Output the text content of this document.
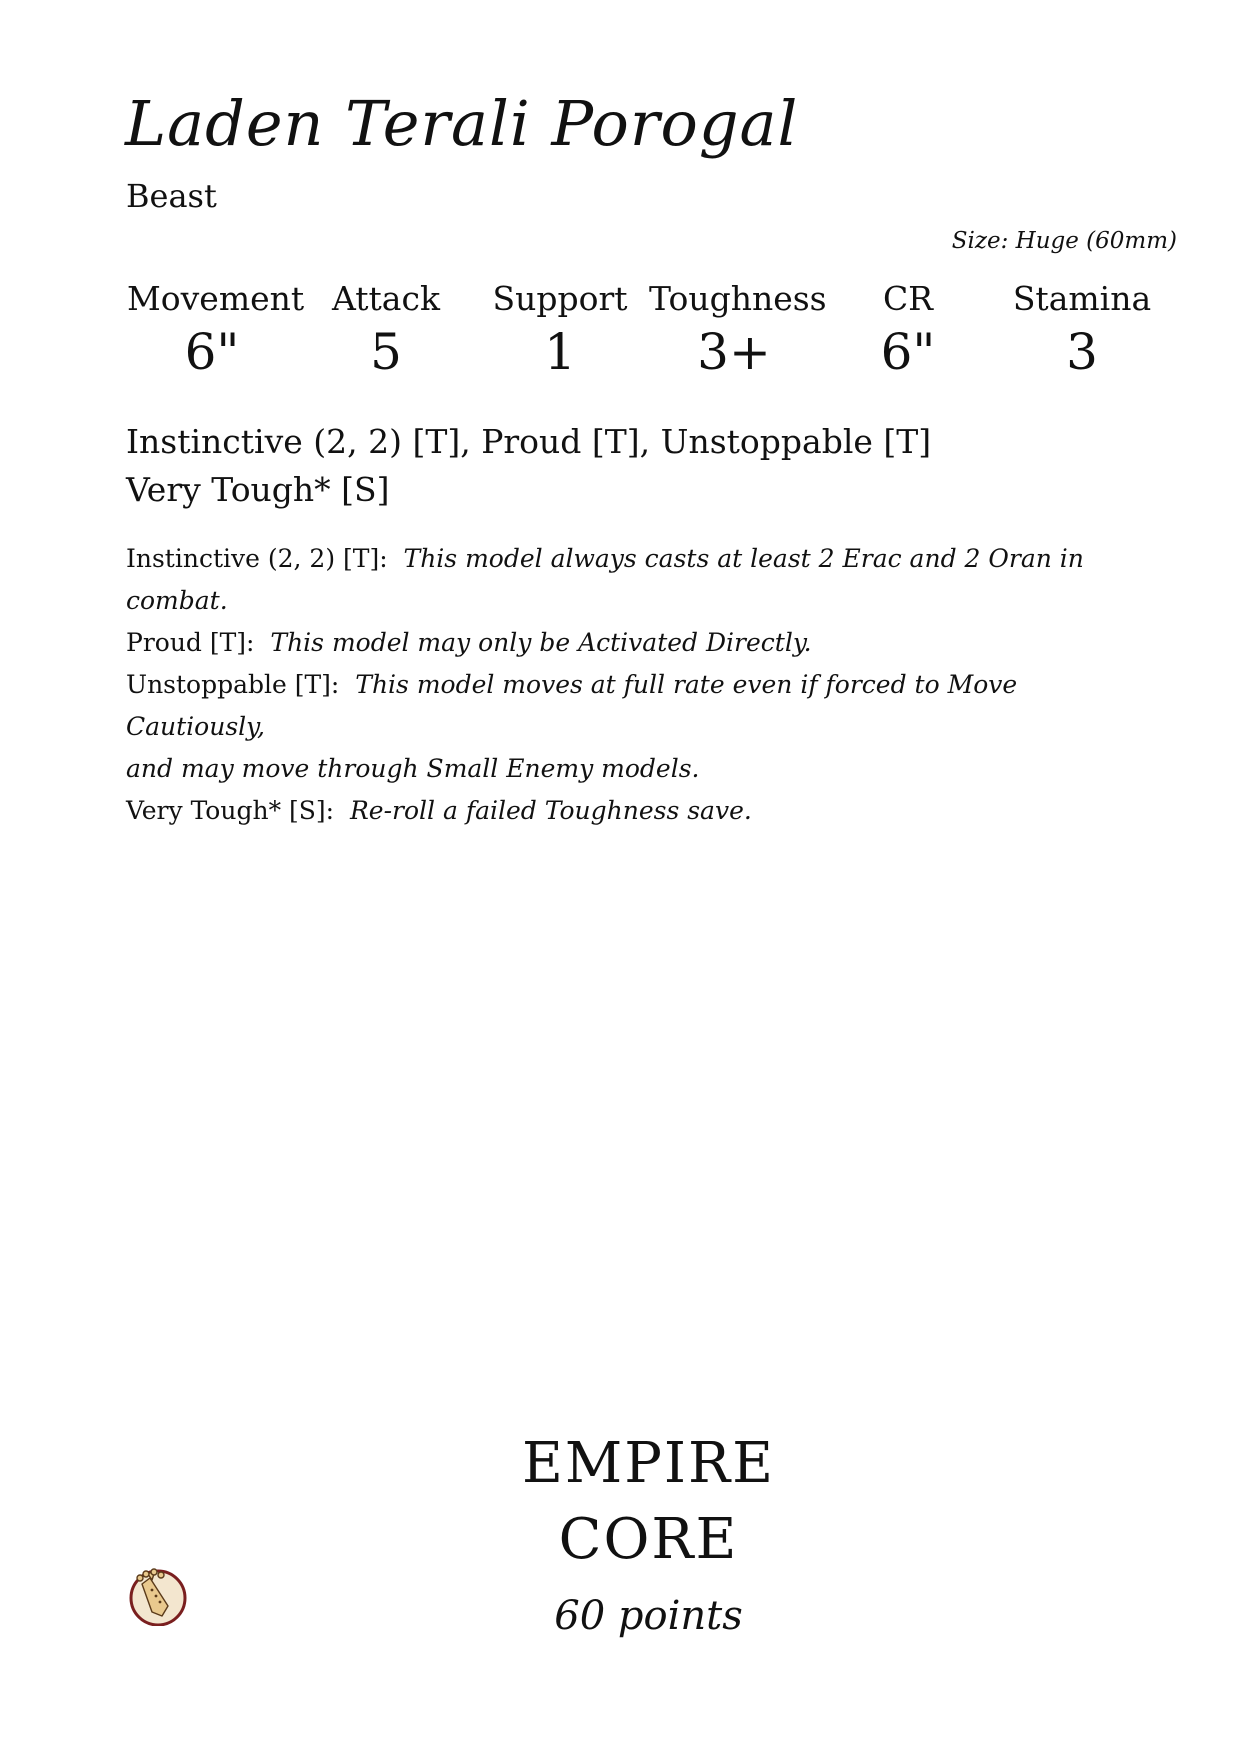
Laden Terali Porogal
Beast
Size: Huge (60mm)
Movement
6"
Attack
5
Support
1
Toughness
3+
CR
6"
Stamina
3
Instinctive (2, 2) [T], Proud [T], Unstoppable [T]
Very Tough* [S]
Instinctive (2, 2) [T]: This model always casts at least 2 Erac and 2 Oran in
combat.
Proud [T]: This model may only be Activated Directly.
Unstoppable [T]: This model moves at full rate even if forced to Move Cautiously,
and may move through Small Enemy models.
Very Tough* [S]: Re-roll a failed Toughness save.
EMPIRE
CORE
60 points
